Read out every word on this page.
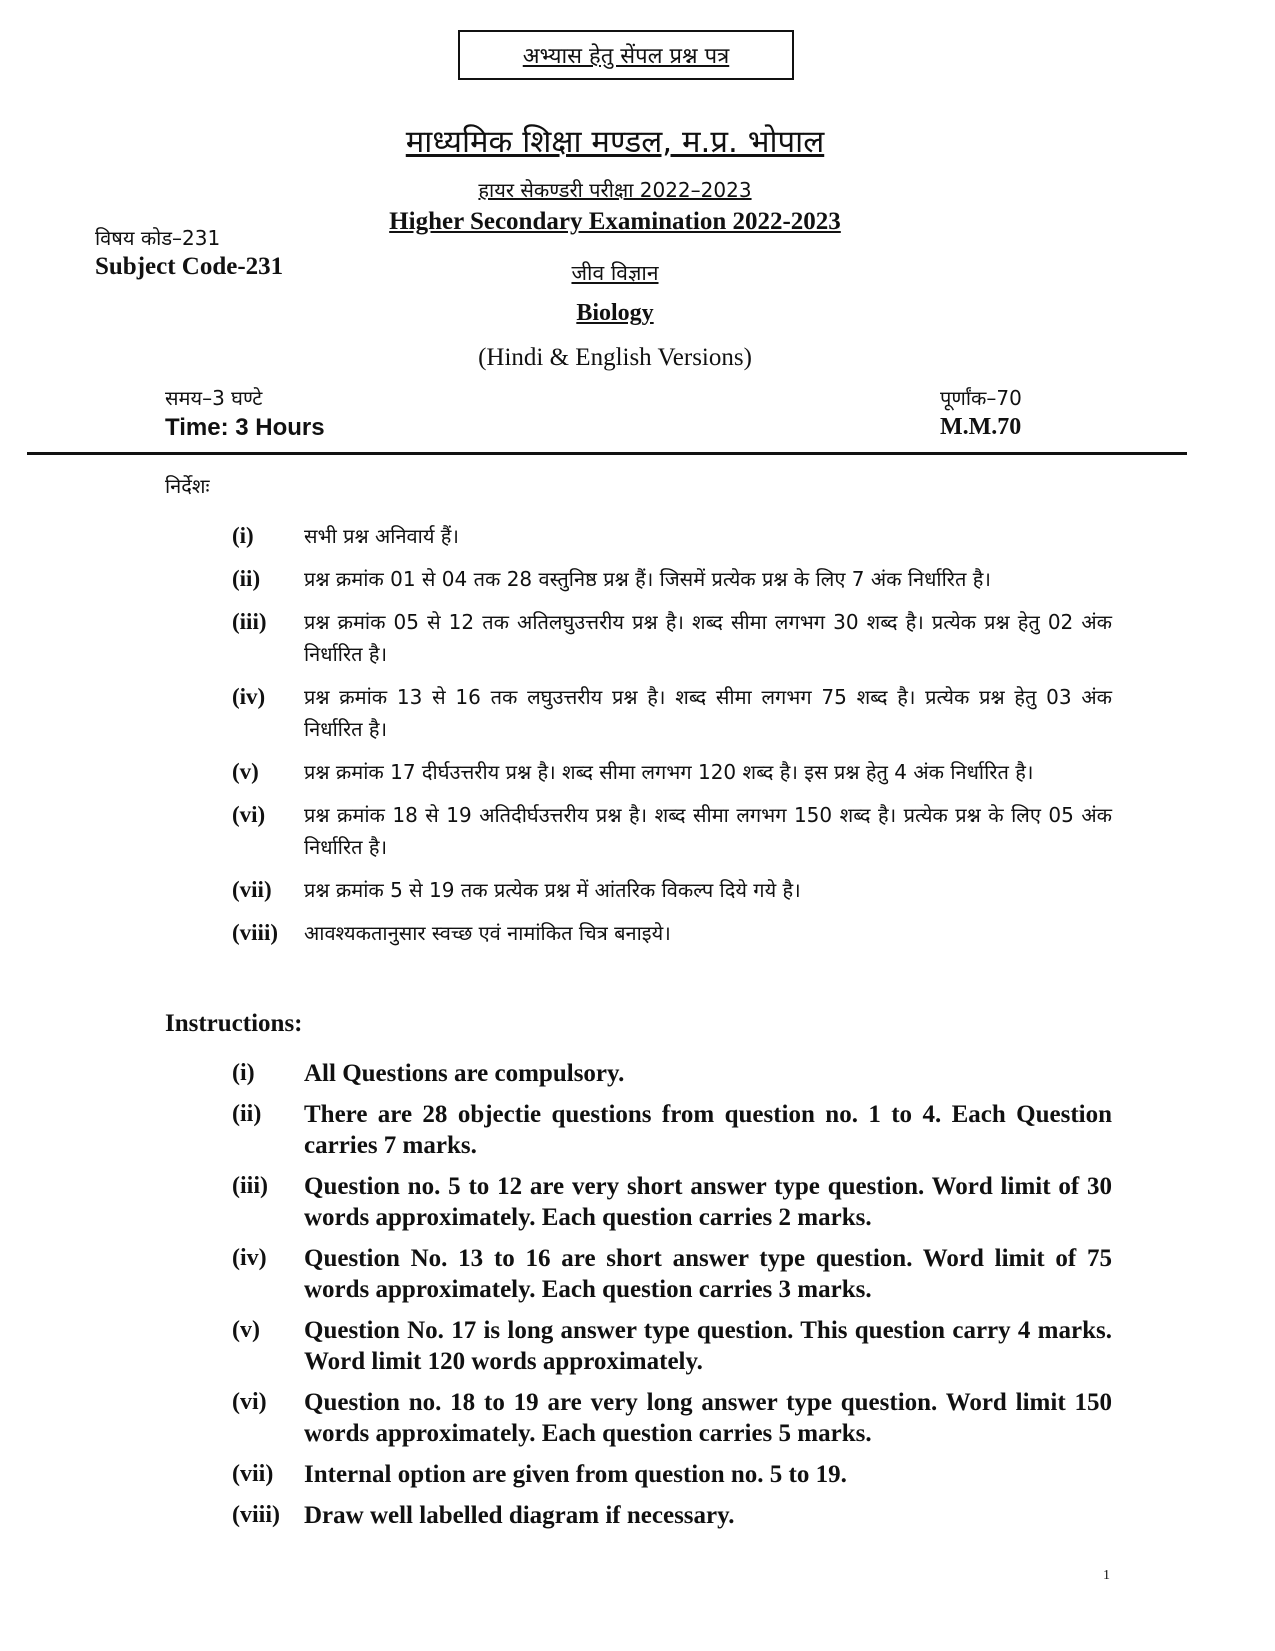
अभ्यास हेतु सेंपल प्रश्न पत्र
माध्यमिक शिक्षा मण्डल, म.प्र. भोपाल
हायर सेकण्डरी परीक्षा 2022–2023
Higher Secondary Examination 2022-2023
विषय कोड–231
Subject Code-231	जीव विज्ञान
Biology
(Hindi & English Versions)
समय–3 घण्टे
Time: 3 Hours
पूर्णांक–70
M.M.70
निर्देशः
(i)	सभी प्रश्न अनिवार्य हैं।
(ii)	प्रश्न क्रमांक 01 से 04 तक 28 वस्तुनिष्ठ प्रश्न हैं। जिसमें प्रत्येक प्रश्न के लिए 7 अंक निर्धारित है।
(iii)	प्रश्न क्रमांक 05 से 12 तक अतिलघुउत्तरीय प्रश्न है। शब्द सीमा लगभग 30 शब्द है। प्रत्येक प्रश्न हेतु 02 अंक निर्धारित है।
(iv)	प्रश्न क्रमांक 13 से 16 तक लघुउत्तरीय प्रश्न है। शब्द सीमा लगभग 75 शब्द है। प्रत्येक प्रश्न हेतु 03 अंक निर्धारित है।
(v)	प्रश्न क्रमांक 17 दीर्घउत्तरीय प्रश्न है। शब्द सीमा लगभग 120 शब्द है। इस प्रश्न हेतु 4 अंक निर्धारित है।
(vi)	प्रश्न क्रमांक 18 से 19 अतिदीर्घउत्तरीय प्रश्न है। शब्द सीमा लगभग 150 शब्द है। प्रत्येक प्रश्न के लिए 05 अंक निर्धारित है।
(vii)	प्रश्न क्रमांक 5 से 19 तक प्रत्येक प्रश्न में आंतरिक विकल्प दिये गये है।
(viii)	आवश्यकतानुसार स्वच्छ एवं नामांकित चित्र बनाइये।
Instructions:
(i)	All Questions are compulsory.
(ii)	There are 28 objectie questions from question no. 1 to 4. Each Question carries 7 marks.
(iii)	Question no. 5 to 12 are very short answer type question. Word limit of 30 words approximately. Each question carries 2 marks.
(iv)	Question No. 13 to 16 are short answer type question. Word limit of 75 words approximately. Each question carries 3 marks.
(v)	Question No. 17 is long answer type question. This question carry 4 marks. Word limit 120 words approximately.
(vi)	Question no. 18 to 19 are very long answer type question. Word limit 150 words approximately. Each question carries 5 marks.
(vii)	Internal option are given from question no. 5 to 19.
(viii) Draw well labelled diagram if necessary.
1
